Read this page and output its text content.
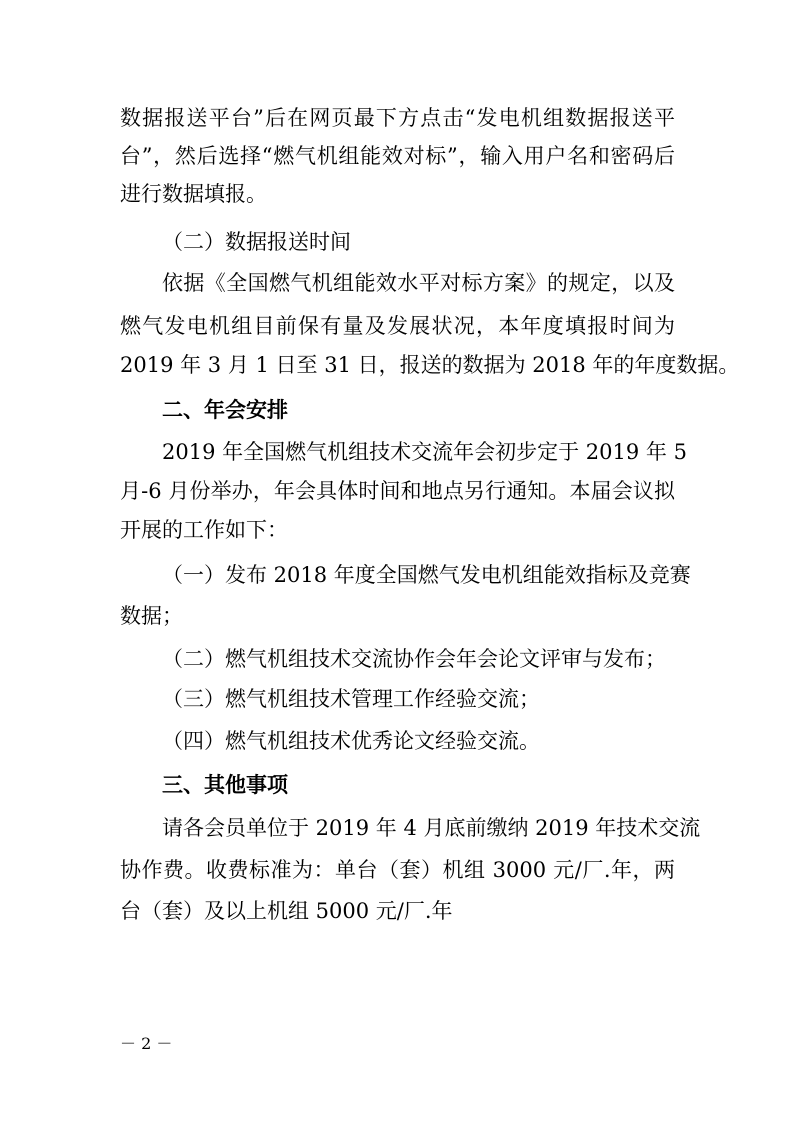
数据报送平台”后在网页最下方点击“发电机组数据报送平
台”，然后选择“燃气机组能效对标”，输入用户名和密码后
进行数据填报。
（二）数据报送时间
依据《全国燃气机组能效水平对标方案》的规定，以及
燃气发电机组目前保有量及发展状况，本年度填报时间为
2019 年 3 月 1 日至 31 日，报送的数据为 2018 年的年度数据。
二、年会安排
2019 年全国燃气机组技术交流年会初步定于 2019 年 5
月-6 月份举办，年会具体时间和地点另行通知。本届会议拟
开展的工作如下：
（一）发布 2018 年度全国燃气发电机组能效指标及竞赛
数据；
（二）燃气机组技术交流协作会年会论文评审与发布；
（三）燃气机组技术管理工作经验交流；
（四）燃气机组技术优秀论文经验交流。
三、其他事项
请各会员单位于 2019 年 4 月底前缴纳 2019 年技术交流
协作费。收费标准为：单台（套）机组 3000 元/厂.年，两
台（套）及以上机组 5000 元/厂.年
－ 2 －
